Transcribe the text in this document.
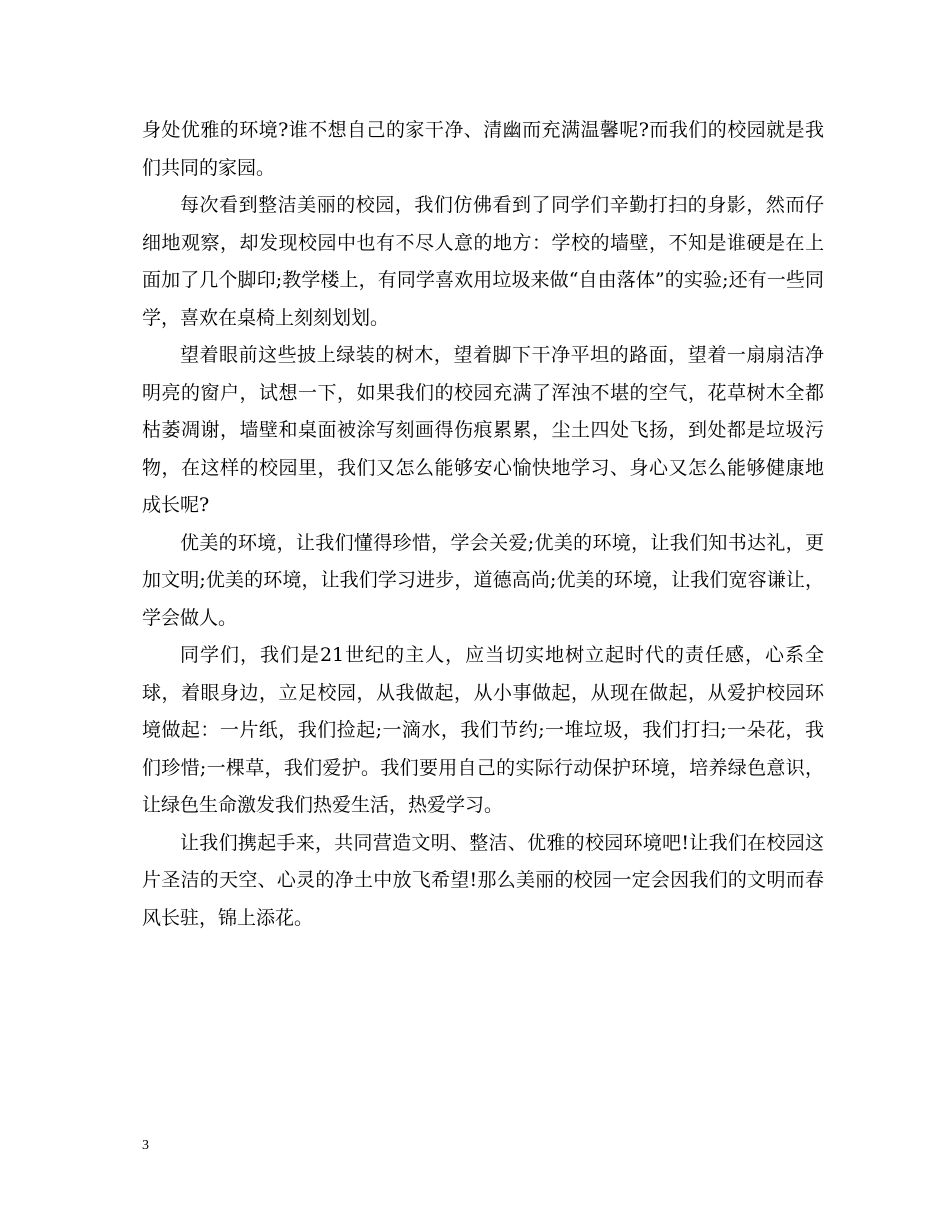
身处优雅的环境?谁不想自己的家干净、清幽而充满温馨呢?而我们的校园就是我们共同的家园。

每次看到整洁美丽的校园，我们仿佛看到了同学们辛勤打扫的身影，然而仔细地观察，却发现校园中也有不尽人意的地方：学校的墙壁，不知是谁硬是在上面加了几个脚印;教学楼上，有同学喜欢用垃圾来做“自由落体”的实验;还有一些同学，喜欢在桌椅上刻刻划划。

望着眼前这些披上绿装的树木，望着脚下干净平坦的路面，望着一扇扇洁净明亮的窗户，试想一下，如果我们的校园充满了浑浊不堪的空气，花草树木全都枯萎凋谢，墙壁和桌面被涂写刻画得伤痕累累，尘土四处飞扬，到处都是垃圾污物，在这样的校园里，我们又怎么能够安心愉快地学习、身心又怎么能够健康地成长呢?

优美的环境，让我们懂得珍惜，学会关爱;优美的环境，让我们知书达礼，更加文明;优美的环境，让我们学习进步，道德高尚;优美的环境，让我们宽容谦让，学会做人。

同学们，我们是21世纪的主人，应当切实地树立起时代的责任感，心系全球，着眼身边，立足校园，从我做起，从小事做起，从现在做起，从爱护校园环境做起：一片纸，我们捡起;一滴水，我们节约;一堆垃圾，我们打扫;一朵花，我们珍惜;一棵草，我们爱护。我们要用自己的实际行动保护环境，培养绿色意识，让绿色生命激发我们热爱生活，热爱学习。

让我们携起手来，共同营造文明、整洁、优雅的校园环境吧!让我们在校园这片圣洁的天空、心灵的净土中放飞希望!那么美丽的校园一定会因我们的文明而春风长驻，锦上添花。

3
